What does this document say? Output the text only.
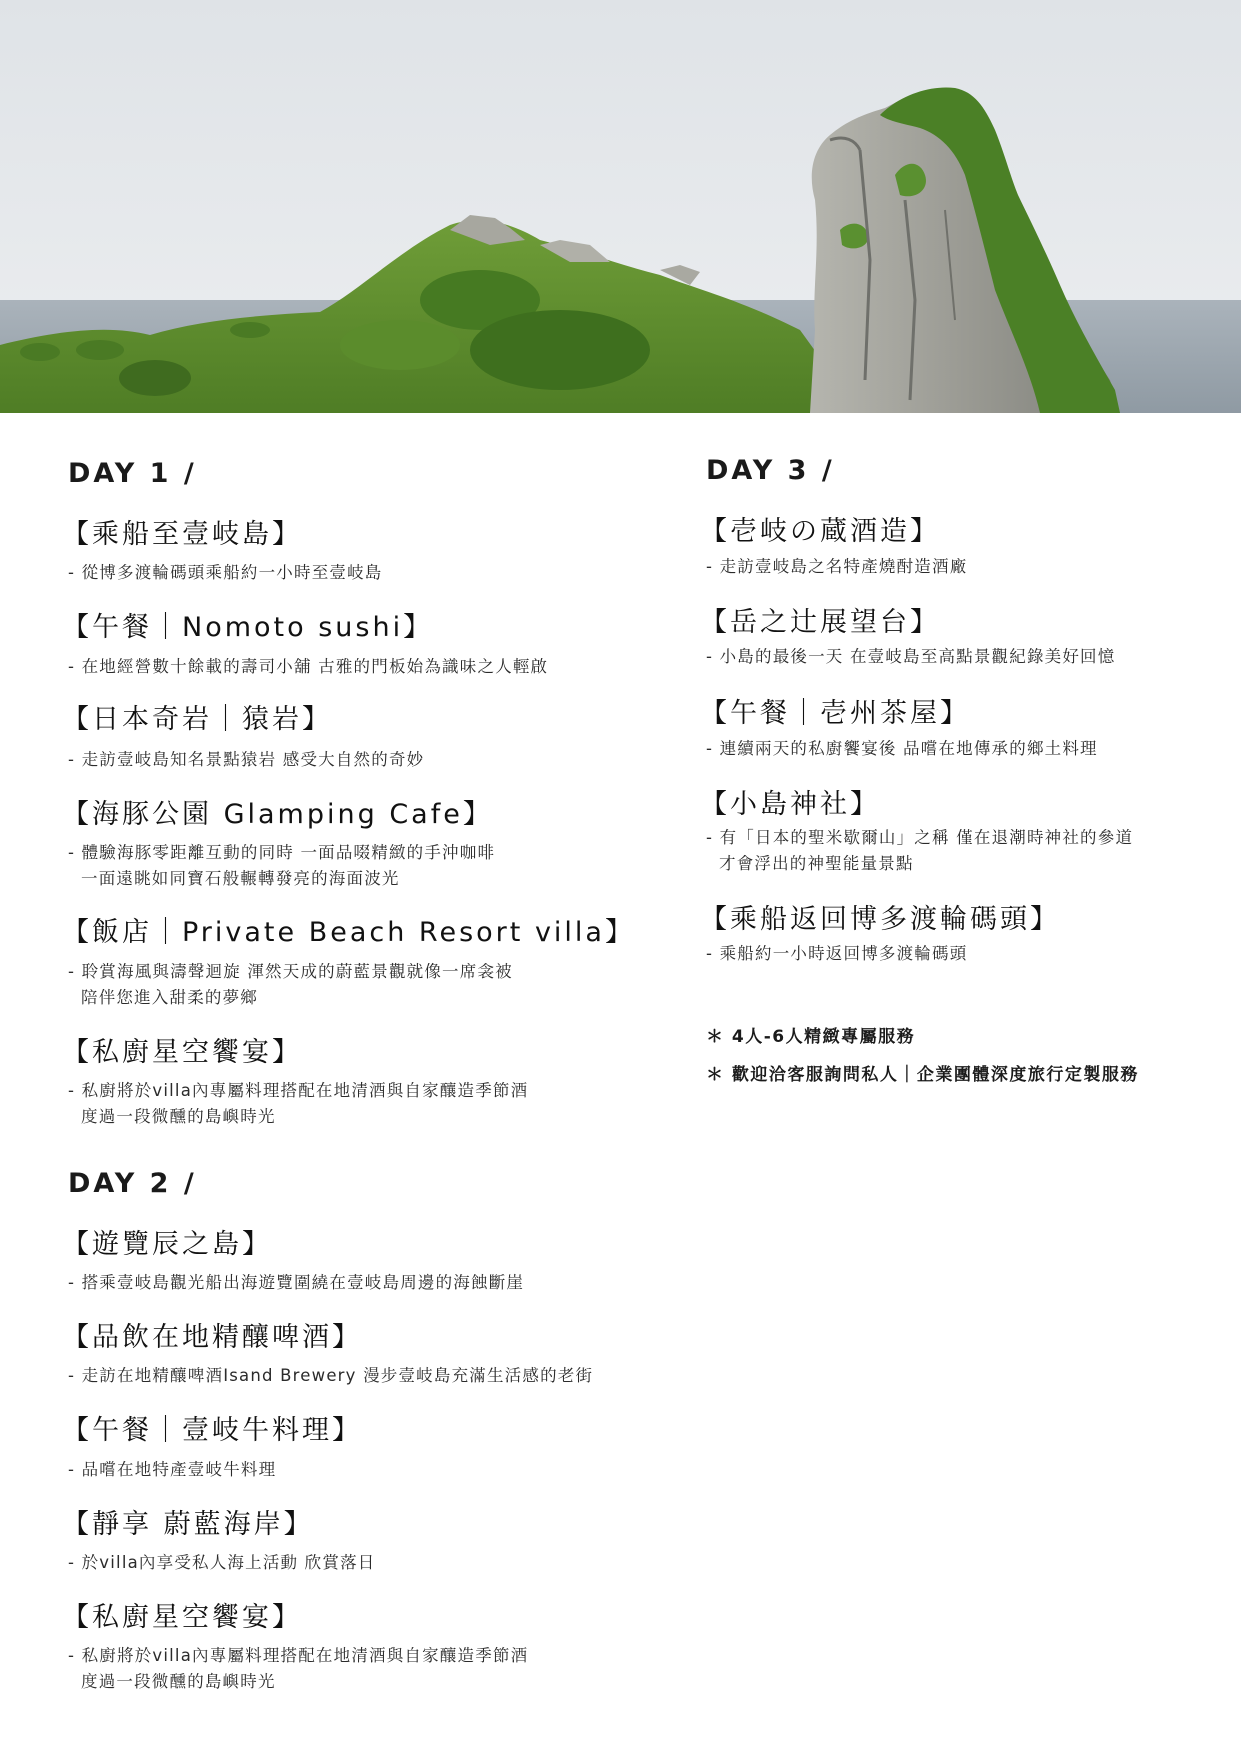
DAY 1 /
【乘船至壹岐島】
- 從博多渡輪碼頭乘船約一小時至壹岐島
【午餐｜Nomoto sushi】
- 在地經營數十餘載的壽司小舖 古雅的門板始為識味之人輕啟
【日本奇岩｜猿岩】
- 走訪壹岐島知名景點猿岩 感受大自然的奇妙
【海豚公園 Glamping Cafe】
- 體驗海豚零距離互動的同時 一面品啜精緻的手沖咖啡
一面遠眺如同寶石般輾轉發亮的海面波光
【飯店｜Private Beach Resort villa】
- 聆賞海風與濤聲迴旋 渾然天成的蔚藍景觀就像一席衾被
陪伴您進入甜柔的夢鄉
【私廚星空饗宴】
- 私廚將於villa內專屬料理搭配在地清酒與自家釀造季節酒
度過一段微醺的島嶼時光
DAY 2 /
【遊覽辰之島】
- 搭乘壹岐島觀光船出海遊覽圍繞在壹岐島周邊的海蝕斷崖
【品飲在地精釀啤酒】
- 走訪在地精釀啤酒Isand Brewery 漫步壹岐島充滿生活感的老街
【午餐｜壹岐牛料理】
- 品嚐在地特產壹岐牛料理
【靜享 蔚藍海岸】
- 於villa內享受私人海上活動 欣賞落日
【私廚星空饗宴】
- 私廚將於villa內專屬料理搭配在地清酒與自家釀造季節酒
度過一段微醺的島嶼時光
DAY 3 /
【壱岐の蔵酒造】
- 走訪壹岐島之名特產燒酎造酒廠
【岳之辻展望台】
- 小島的最後一天 在壹岐島至高點景觀紀錄美好回憶
【午餐｜壱州茶屋】
- 連續兩天的私廚饗宴後 品嚐在地傳承的鄉土料理
【小島神社】
- 有「日本的聖米歇爾山」之稱 僅在退潮時神社的參道
才會浮出的神聖能量景點
【乘船返回博多渡輪碼頭】
- 乘船約一小時返回博多渡輪碼頭
＊ 4人-6人精緻專屬服務
＊ 歡迎洽客服詢問私人｜企業團體深度旅行定製服務
